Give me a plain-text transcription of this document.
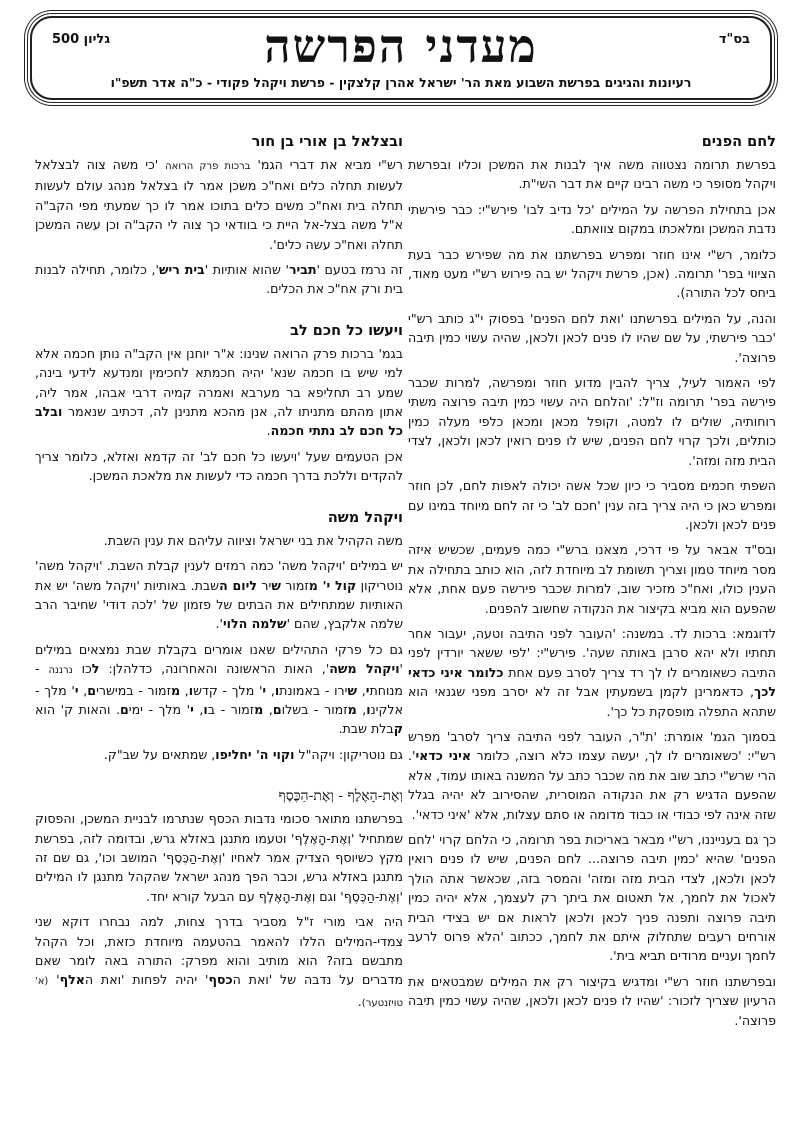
בס"ד
גליון 500	מעדני הפרשה
רעיונות והגיגים בפרשת השבוע מאת הר' ישראל אהרן קלצקין - פרשת ויקהל פקודי - כ"ה אדר תשפ"ו
לחם הפנים

בפרשת תרומה נצטווה משה איך לבנות את המשכן וכליו ובפרשת ויקהל מסופר כי משה רבינו קיים את דבר השי"ת.

אכן בתחילת הפרשה על המילים 'כל נדיב לבו' פירש"י: כבר פירשתי נדבת המשכן ומלאכתו במקום צוואתם.

כלומר, רש"י אינו חוזר ומפרש בפרשתנו את מה שפירש כבר בעת הציווי בפר' תרומה. (אכן, פרשת ויקהל יש בה פירוש רש"י מעט מאוד, ביחס לכל התורה).

והנה, על המילים בפרשתנו 'ואת לחם הפנים' בפסוק י"ג כותב רש"י 'כבר פירשתי, על שם שהיו לו פנים לכאן ולכאן, שהיה עשוי כמין תיבה פרוצה'.

לפי האמור לעיל, צריך להבין מדוע חוזר ומפרשה, למרות שכבר פירשה בפר' תרומה וז"ל: 'והלחם היה עשוי כמין תיבה פרוצה משתי רוחותיה, שולים לו למטה, וקופל מכאן ומכאן כלפי מעלה כמין כותלים, ולכך קרוי לחם הפנים, שיש לו פנים רואין לכאן ולכאן, לצדי הבית מזה ומזה'.

השפתי חכמים מסביר כי כיון שכל אשה יכולה לאפות לחם, לכן חוזר ומפרש כאן כי היה צריך בזה ענין 'חכם לב' כי זה לחם מיוחד במינו עם פנים לכאן ולכאן.

ובס"ד אבאר על פי דרכי, מצאנו ברש"י כמה פעמים, שכשיש איזה מסר מיוחד טמון וצריך תשומת לב מיוחדת לזה, הוא כותב בתחילה את הענין כולו, ואח"כ מזכיר שוב, למרות שכבר פירשה פעם אחת, אלא שהפעם הוא מביא בקיצור את הנקודה שחשוב להפנים.

לדוגמא: ברכות לד. במשנה: 'העובר לפני התיבה וטעה, יעבור אחר תחתיו ולא יהא סרבן באותה שעה'. פירש"י: 'לפי ששאר יורדין לפני התיבה כשאומרים לו לך רד צריך לסרב פעם אחת כלומר איני כדאי לכך, כדאמרינן לקמן בשמעתין אבל זה לא יסרב מפני שגנאי הוא שתהא התפלה מופסקת כל כך'.

בסמוך הגמ' אומרת: 'ת"ר, העובר לפני התיבה צריך לסרב' מפרש רש"י: 'כשאומרים לו לך, יעשה עצמו כלא רוצה, כלומר איני כדאי'. הרי שרש"י כתב שוב את מה שכבר כתב על המשנה באותו עמוד, אלא שהפעם הדגיש רק את הנקודה המוסרית, שהסירוב לא יהיה בגלל שזה אינה לפי כבודי או כבוד מדומה או סתם עצלות, אלא 'איני כדאי'.

כך גם בענייננו, רש"י מבאר באריכות בפר תרומה, כי הלחם קרוי 'לחם הפנים' שהיא 'כמין תיבה פרוצה... לחם הפנים, שיש לו פנים רואין לכאן ולכאן, לצדי הבית מזה ומזה' והמסר בזה, שכאשר אתה הולך לאכול את לחמך, אל תאטום את ביתך רק לעצמך, אלא יהיה כמין תיבה פרוצה ותפנה פניך לכאן ולכאן לראות אם יש בצידי הבית אורחים רעבים שתחלוק איתם את לחמך, ככתוב 'הלא פרוס לרעב לחמך ועניים מרודים תביא בית'.

ובפרשתנו חוזר רש"י ומדגיש בקיצור רק את המילים שמבטאים את הרעיון שצריך לזכור: 'שהיו לו פנים לכאן ולכאן, שהיה עשוי כמין תיבה פרוצה'.

ובצלאל בן אורי בן חור

רש"י מביא את דברי הגמ' ברכות פרק הרואה 'כי משה צוה לבצלאל לעשות תחלה כלים ואח"כ משכן אמר לו בצלאל מנהג עולם לעשות תחלה בית ואח"כ משים כלים בתוכו אמר לו כך שמעתי מפי הקב"ה א"ל משה בצל-אל היית כי בוודאי כך צוה לי הקב"ה וכן עשה המשכן תחלה ואח"כ עשה כלים'.

זה נרמז בטעם 'תביר' שהוא אותיות 'בית ריש', כלומר, תחילה לבנות בית ורק אח"כ את הכלים.

ויעשו כל חכם לב

בגמ' ברכות פרק הרואה שנינו: א"ר יוחנן אין הקב"ה נותן חכמה אלא למי שיש בו חכמה שנא' יהיה חכמתא לחכימין ומנדעא לידעי בינה, שמע רב תחליפא בר מערבא ואמרה קמיה דרבי אבהו, אמר ליה, אתון מהתם מתניתו לה, אנן מהכא מתנינן לה, דכתיב שנאמר ובלב כל חכם לב נתתי חכמה.

אכן הטעמים שעל 'ויעשו כל חכם לב' זה קדמא ואזלא, כלומר צריך להקדים וללכת בדרך חכמה כדי לעשות את מלאכת המשכן.

ויקהל משה

משה הקהיל את בני ישראל וציווה עליהם את ענין השבת.

יש במילים 'ויקהל משה' כמה רמזים לענין קבלת השבת. 'ויקהל משה' נוטריקון קול י' מזמור שיר ליום השבת. באותיות 'ויקהל משה' יש את האותיות שמתחילים את הבתים של פזמון של 'לכה דודי' שחיבר הרב שלמה אלקבץ, שהם 'שלמה הלוי'.

גם כל פרקי התהילים שאנו אומרים בקבלת שבת נמצאים במילים 'ויקהל משה', האות הראשונה והאחרונה, כדלהלן: לכו נרננה - מנוחתי, שירו - באמונתו, י' מלך - קדשו, מזמור - במישרים, י' מלך - אלקינו, מזמור - בשלום, מזמור - בו, י' מלך - ימים. והאות ק' הוא קבלת שבת.

גם נוטריקון: ויקה"ל וקוי ה' יחליפו, שמתאים על שב"ק.

וְאֶת-הָאֶלֶף - וְאֶת-הַכֶּסֶף

בפרשתנו מתואר סכומי נדבות הכסף שנתרמו לבניית המשכן, והפסוק שמתחיל 'וְאֶת-הָאֶלֶף' וטעמו מתנגן באזלא גרש, ובדומה לזה, בפרשת מקץ כשיוסף הצדיק אמר לאחיו 'וְאֶת-הַכֶּסֶף' המושב וכו', גם שם זה מתנגן באזלא גרש, וכבר הפך מנהג ישראל שהקהל מתנגן לו המילים 'וְאֶת-הַכֶּסֶף' וגם וְאֶת-הָאֶלֶף עם הבעל קורא יחד.

היה אבי מורי ז"ל מסביר בדרך צחות, למה נבחרו דוקא שני צמדי-המילים הללו להאמר בהטעמה מיוחדת כזאת, וכל הקהל מתבשם בזה? הוא מותיב והוא מפרק: התורה באה לומר שאם מדברים על נדבה של 'ואת הכסף' יהיה לפחות 'ואת האלף' (א' טויזנטער).
